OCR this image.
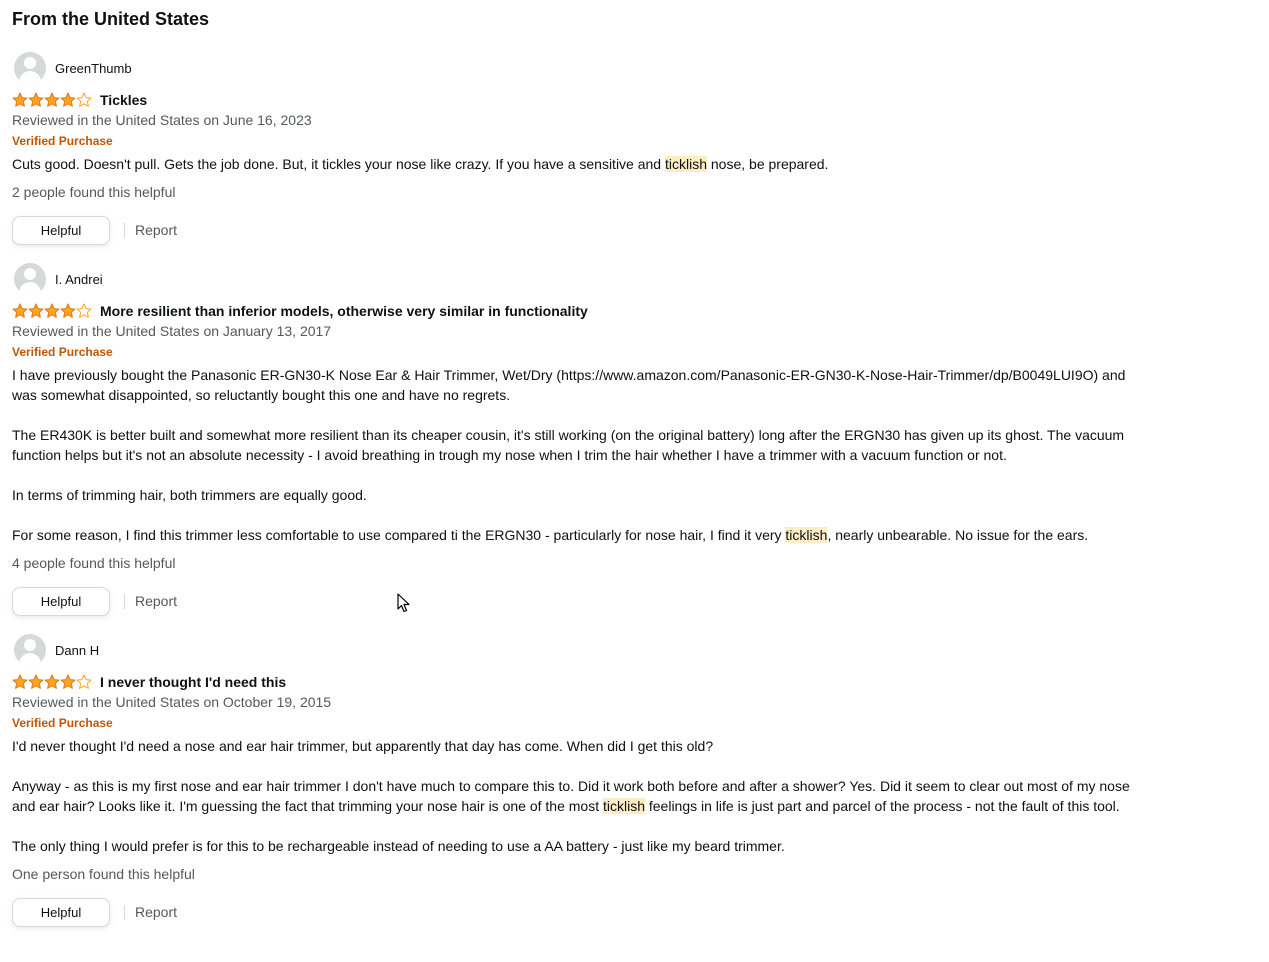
From the United States
GreenThumb
Tickles
Reviewed in the United States on June 16, 2023
Verified Purchase

Cuts good. Doesn't pull. Gets the job done. But, it tickles your nose like crazy. If you have a sensitive and ticklish nose, be prepared.

2 people found this helpful
Helpful	Report
I. Andrei
More resilient than inferior models, otherwise very similar in functionality
Reviewed in the United States on January 13, 2017
Verified Purchase

I have previously bought the Panasonic ER-GN30-K Nose Ear & Hair Trimmer, Wet/Dry (https://www.amazon.com/Panasonic-ER-GN30-K-Nose-Hair-Trimmer/dp/B0049LUI9O) and was somewhat disappointed, so reluctantly bought this one and have no regrets.

The ER430K is better built and somewhat more resilient than its cheaper cousin, it's still working (on the original battery) long after the ERGN30 has given up its ghost. The vacuum function helps but it's not an absolute necessity - I avoid breathing in trough my nose when I trim the hair whether I have a trimmer with a vacuum function or not.

In terms of trimming hair, both trimmers are equally good.

For some reason, I find this trimmer less comfortable to use compared ti the ERGN30 - particularly for nose hair, I find it very ticklish, nearly unbearable. No issue for the ears.

4 people found this helpful
Helpful	Report
Dann H
I never thought I'd need this
Reviewed in the United States on October 19, 2015
Verified Purchase

I'd never thought I'd need a nose and ear hair trimmer, but apparently that day has come. When did I get this old?

Anyway - as this is my first nose and ear hair trimmer I don't have much to compare this to. Did it work both before and after a shower? Yes. Did it seem to clear out most of my nose and ear hair? Looks like it. I'm guessing the fact that trimming your nose hair is one of the most ticklish feelings in life is just part and parcel of the process - not the fault of this tool.

The only thing I would prefer is for this to be rechargeable instead of needing to use a AA battery - just like my beard trimmer.

One person found this helpful
Helpful	Report
